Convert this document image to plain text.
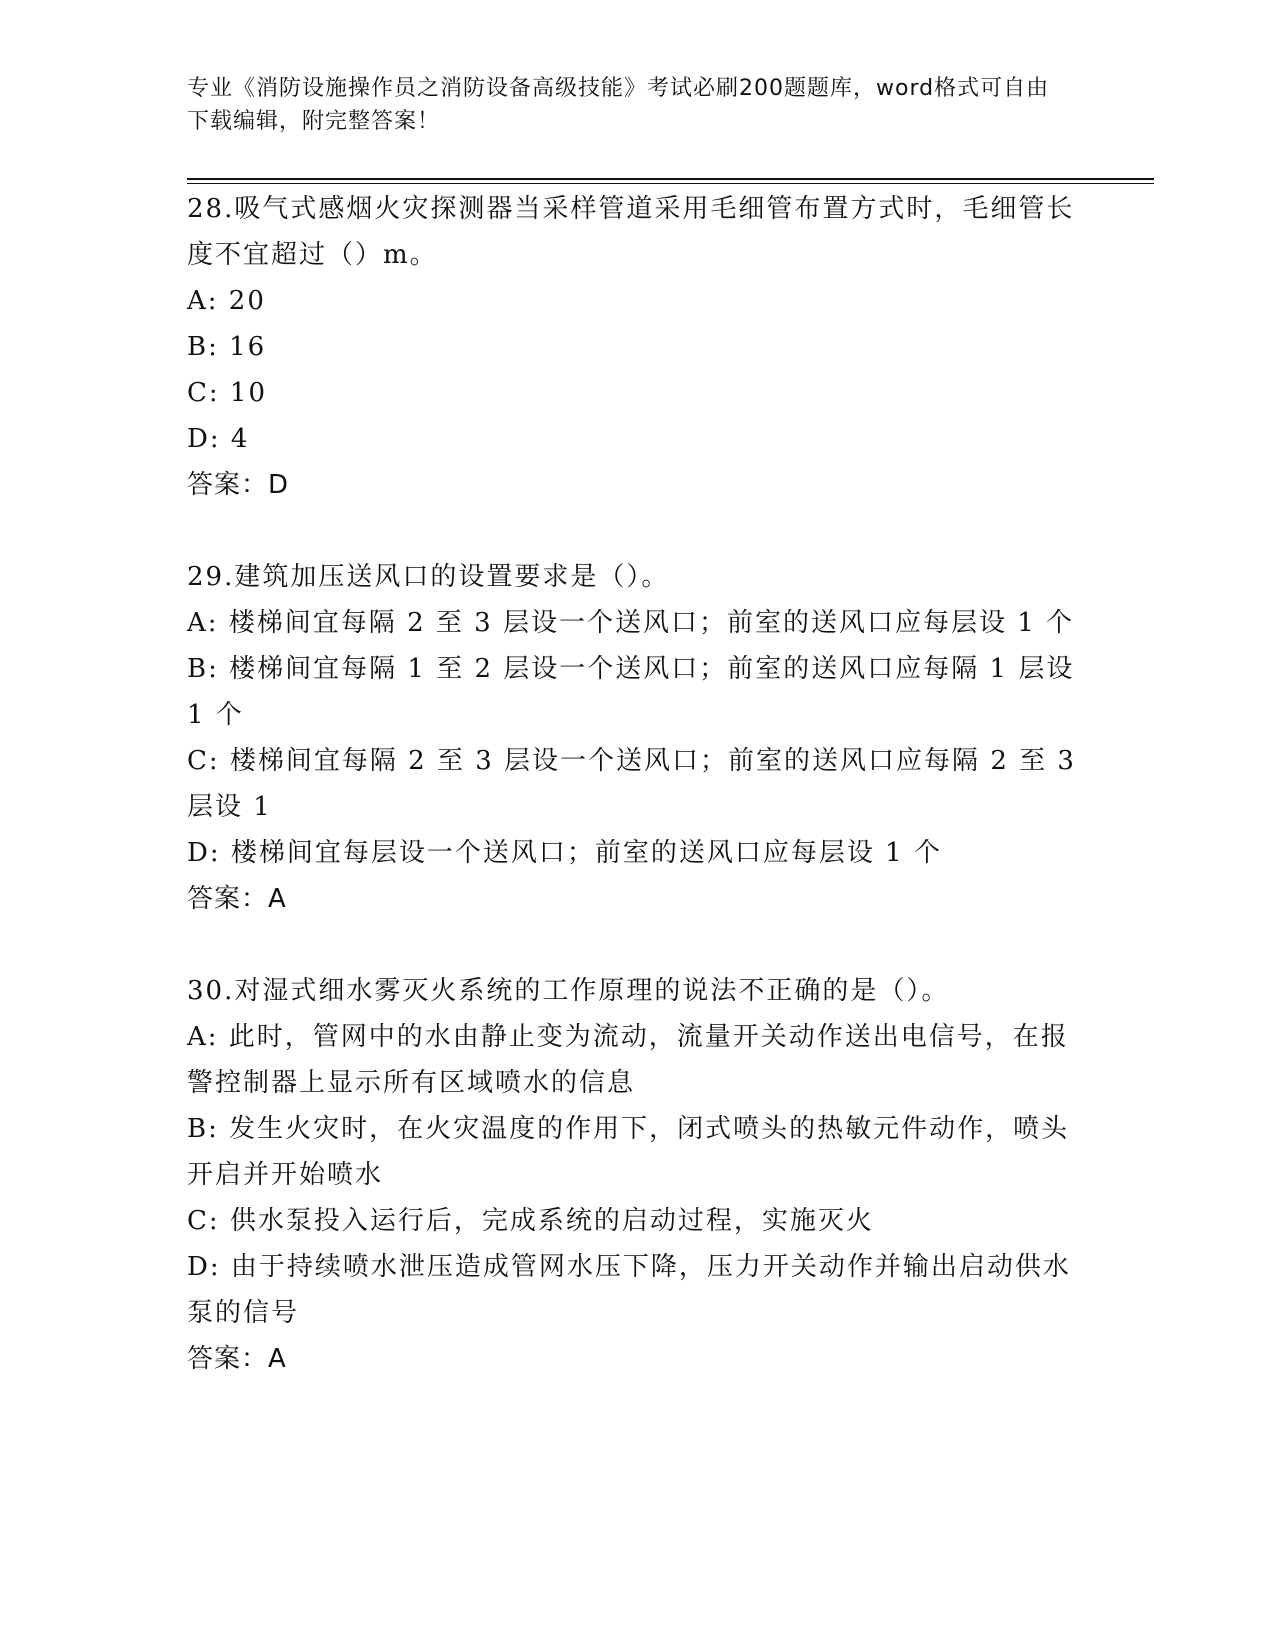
专业《消防设施操作员之消防设备高级技能》考试必刷200题题库，word格式可自由下载编辑，附完整答案！
28.吸气式感烟火灾探测器当采样管道采用毛细管布置方式时，毛细管长度不宜超过（）m。
A: 20
B: 16
C: 10
D: 4
答案：D
29.建筑加压送风口的设置要求是（）。
A: 楼梯间宜每隔 2 至 3 层设一个送风口；前室的送风口应每层设 1 个
B: 楼梯间宜每隔 1 至 2 层设一个送风口；前室的送风口应每隔 1 层设 1 个
C: 楼梯间宜每隔 2 至 3 层设一个送风口；前室的送风口应每隔 2 至 3 层设 1
D: 楼梯间宜每层设一个送风口；前室的送风口应每层设 1 个
答案：A
30.对湿式细水雾灭火系统的工作原理的说法不正确的是（）。
A: 此时，管网中的水由静止变为流动，流量开关动作送出电信号，在报警控制器上显示所有区域喷水的信息
B: 发生火灾时，在火灾温度的作用下，闭式喷头的热敏元件动作，喷头开启并开始喷水
C: 供水泵投入运行后，完成系统的启动过程，实施灭火
D: 由于持续喷水泄压造成管网水压下降，压力开关动作并输出启动供水泵的信号
答案：A
